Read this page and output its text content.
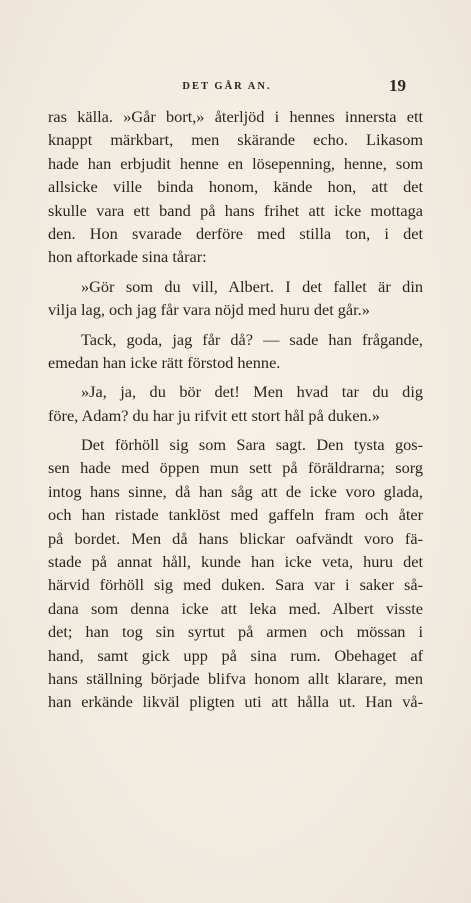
DET GÅR AN.	19
ras källa. »Går bort,» återljöd i hennes innersta ett
knappt märkbart, men skärande echo. Likasom
hade han erbjudit henne en lösepenning, henne, som
allsicke ville binda honom, kände hon, att det
skulle vara ett band på hans frihet att icke mottaga
den. Hon svarade derföre med stilla ton, i det
hon aftorkade sina tårar:
»Gör som du vill, Albert. I det fallet är din
vilja lag, och jag får vara nöjd med huru det går.»
Tack, goda, jag får då? — sade han frågande,
emedan han icke rätt förstod henne.
»Ja, ja, du bör det! Men hvad tar du dig
före, Adam? du har ju rifvit ett stort hål på duken.»
Det förhöll sig som Sara sagt. Den tysta gos-
sen hade med öppen mun sett på föräldrarna; sorg
intog hans sinne, då han såg att de icke voro glada,
och han ristade tanklöst med gaffeln fram och åter
på bordet. Men då hans blickar oafvändt voro fä-
stade på annat håll, kunde han icke veta, huru det
härvid förhöll sig med duken. Sara var i saker så-
dana som denna icke att leka med. Albert visste
det; han tog sin syrtut på armen och mössan i
hand, samt gick upp på sina rum. Obehaget af
hans ställning började blifva honom allt klarare, men
han erkände likväl pligten uti att hålla ut. Han vå-
